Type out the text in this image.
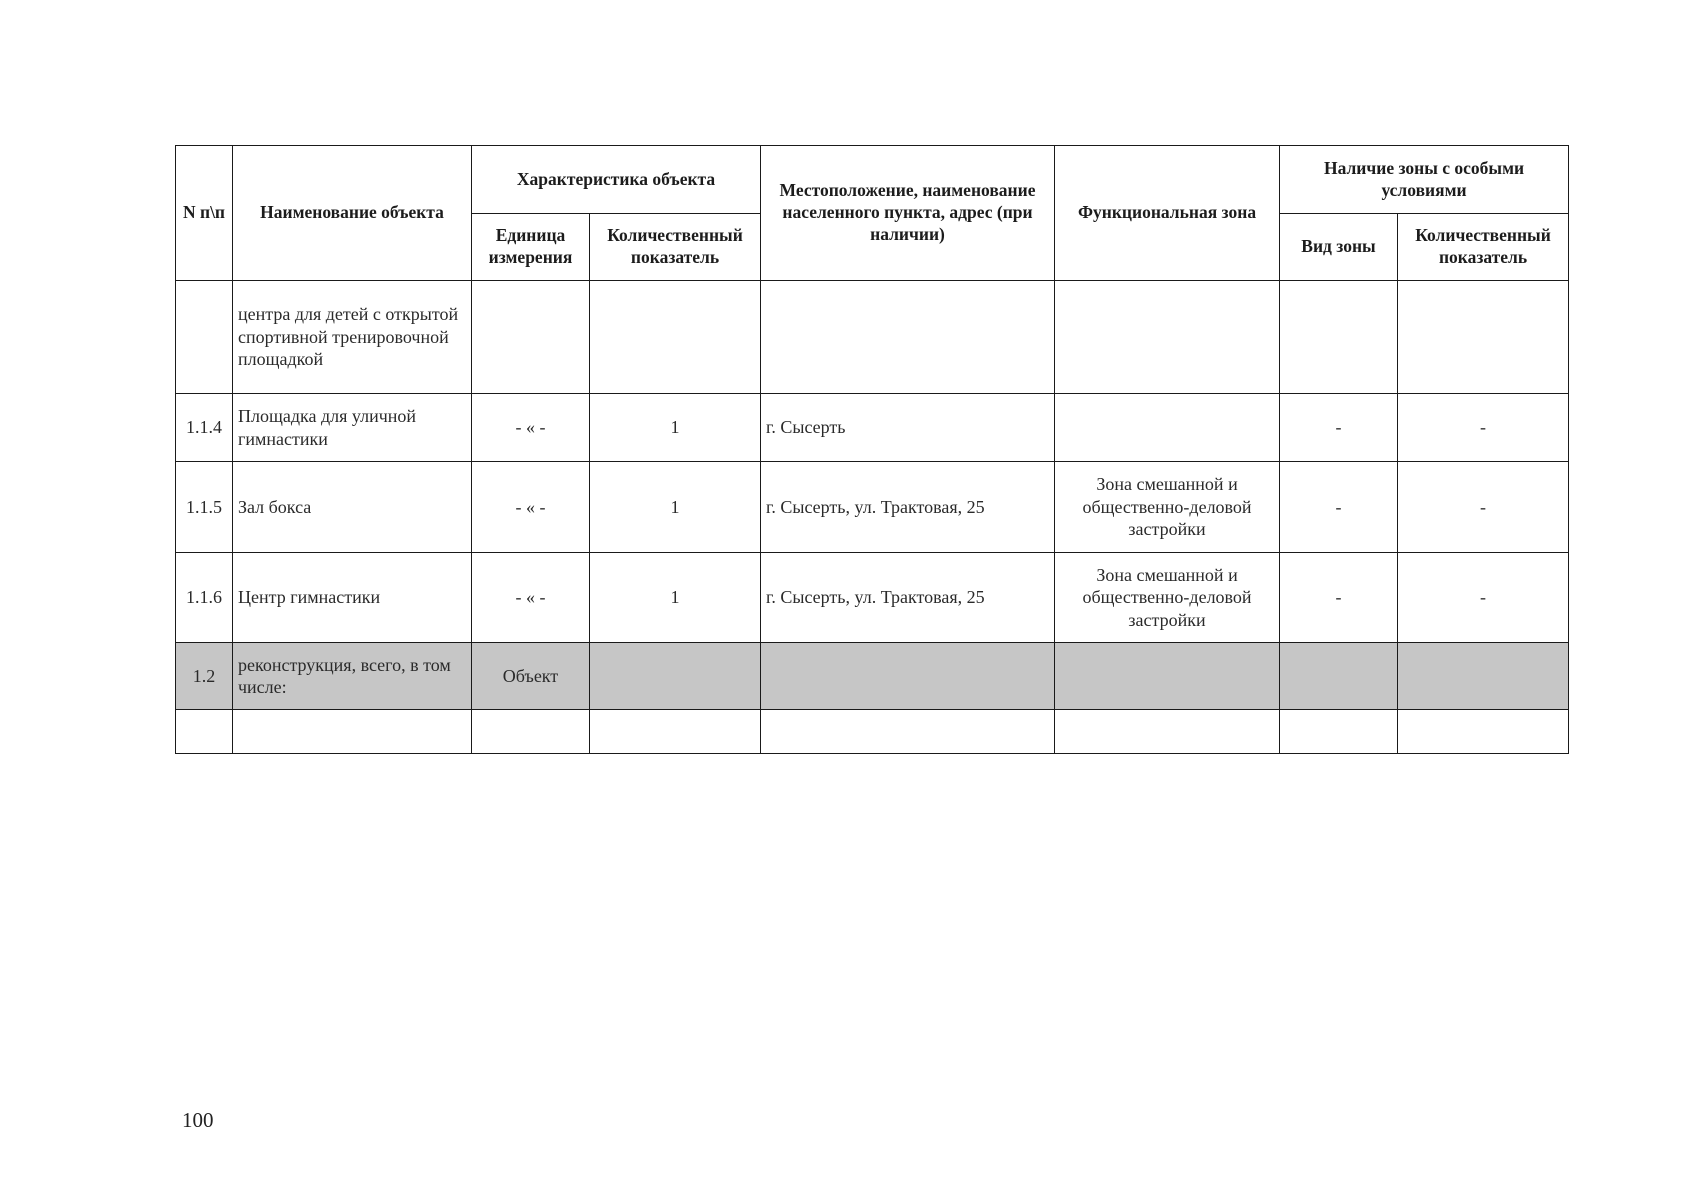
N п\п	Наименование объекта	Характеристика объекта		Местоположение, наименование населенного пункта, адрес (при наличии)	Функциональная зона	Наличие зоны с особыми условиями	
		Единица измерения	Количественный показатель			Вид зоны	Количественный показатель
	центра для детей с открытой спортивной тренировочной площадкой						
1.1.4	Площадка для уличной гимнастики	- « -	1	г. Сысерть		-	-
1.1.5	Зал бокса	- « -	1	г. Сысерть, ул. Трактовая, 25	Зона смешанной и общественно-деловой застройки	-	-
1.1.6	Центр гимнастики	- « -	1	г. Сысерть, ул. Трактовая, 25	Зона смешанной и общественно-деловой застройки	-	-
1.2	реконструкция, всего, в том числе:	Объект					

100
